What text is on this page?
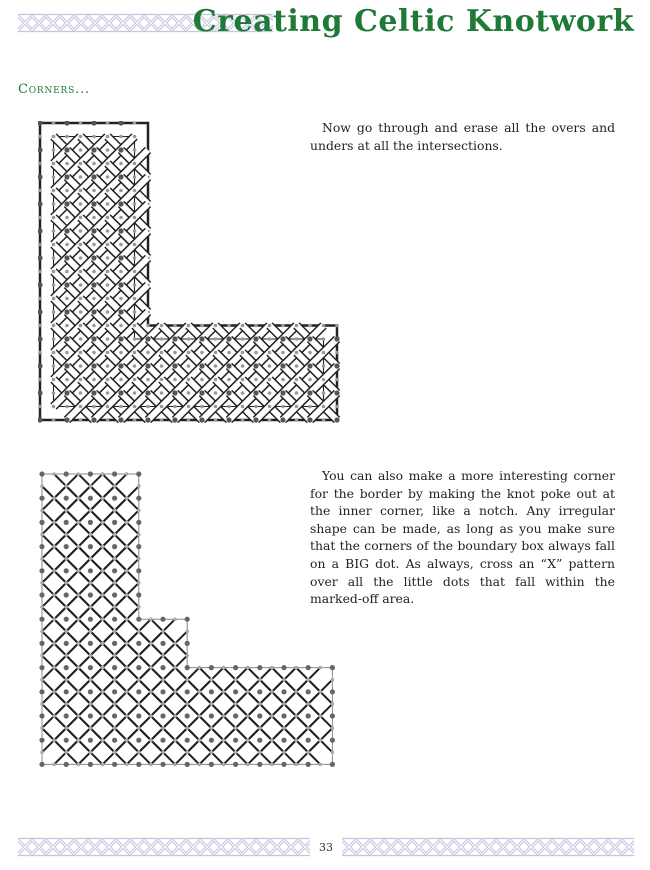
Creating Celtic Knotwork
Corners...

Now go through and erase all the overs and unders at all the intersections.

You can also make a more interesting corner for the border by making the knot poke out at the inner corner, like a notch. Any irregular shape can be made, as long as you make sure that the corners of the boundary box always fall on a BIG dot. As always, cross an “X” pattern over all the little dots that fall within the marked-off area.

33
